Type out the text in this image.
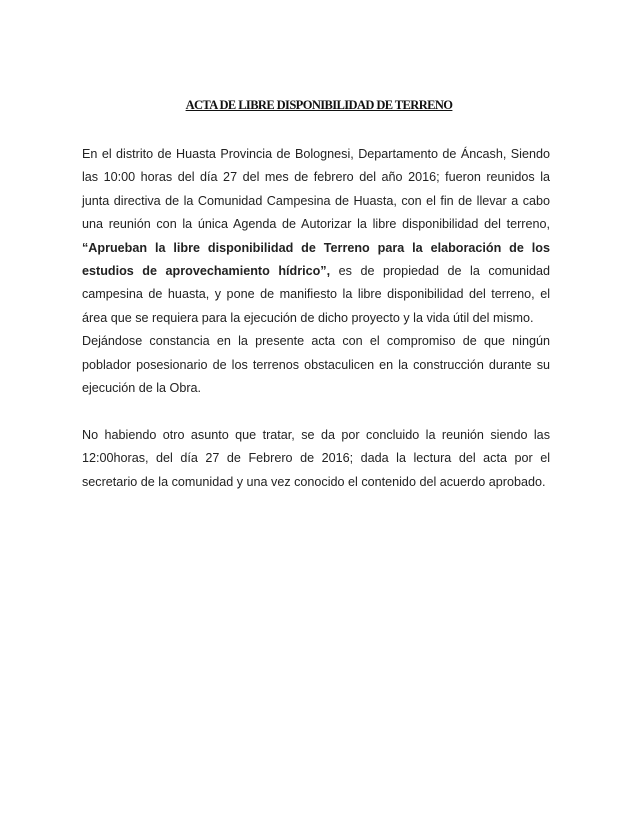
ACTA DE LIBRE DISPONIBILIDAD DE TERRENO

En el distrito de Huasta Provincia de Bolognesi, Departamento de Áncash, Siendo las 10:00 horas del día 27 del mes de febrero del año 2016; fueron reunidos la junta directiva de la Comunidad Campesina de Huasta, con el fin de llevar a cabo una reunión con la única Agenda de Autorizar la libre disponibilidad del terreno, “Aprueban la libre disponibilidad de Terreno para la elaboración de los estudios de aprovechamiento hídrico”, es de propiedad de la comunidad campesina de huasta, y pone de manifiesto la libre disponibilidad del terreno, el área que se requiera para la ejecución de dicho proyecto y la vida útil del mismo.

Dejándose constancia en la presente acta con el compromiso de que ningún poblador posesionario de los terrenos obstaculicen en la construcción durante su ejecución de la Obra.

No habiendo otro asunto que tratar, se da por concluido la reunión siendo las 12:00horas, del día 27 de Febrero de 2016; dada la lectura del acta por el secretario de la comunidad y una vez conocido el contenido del acuerdo aprobado.
